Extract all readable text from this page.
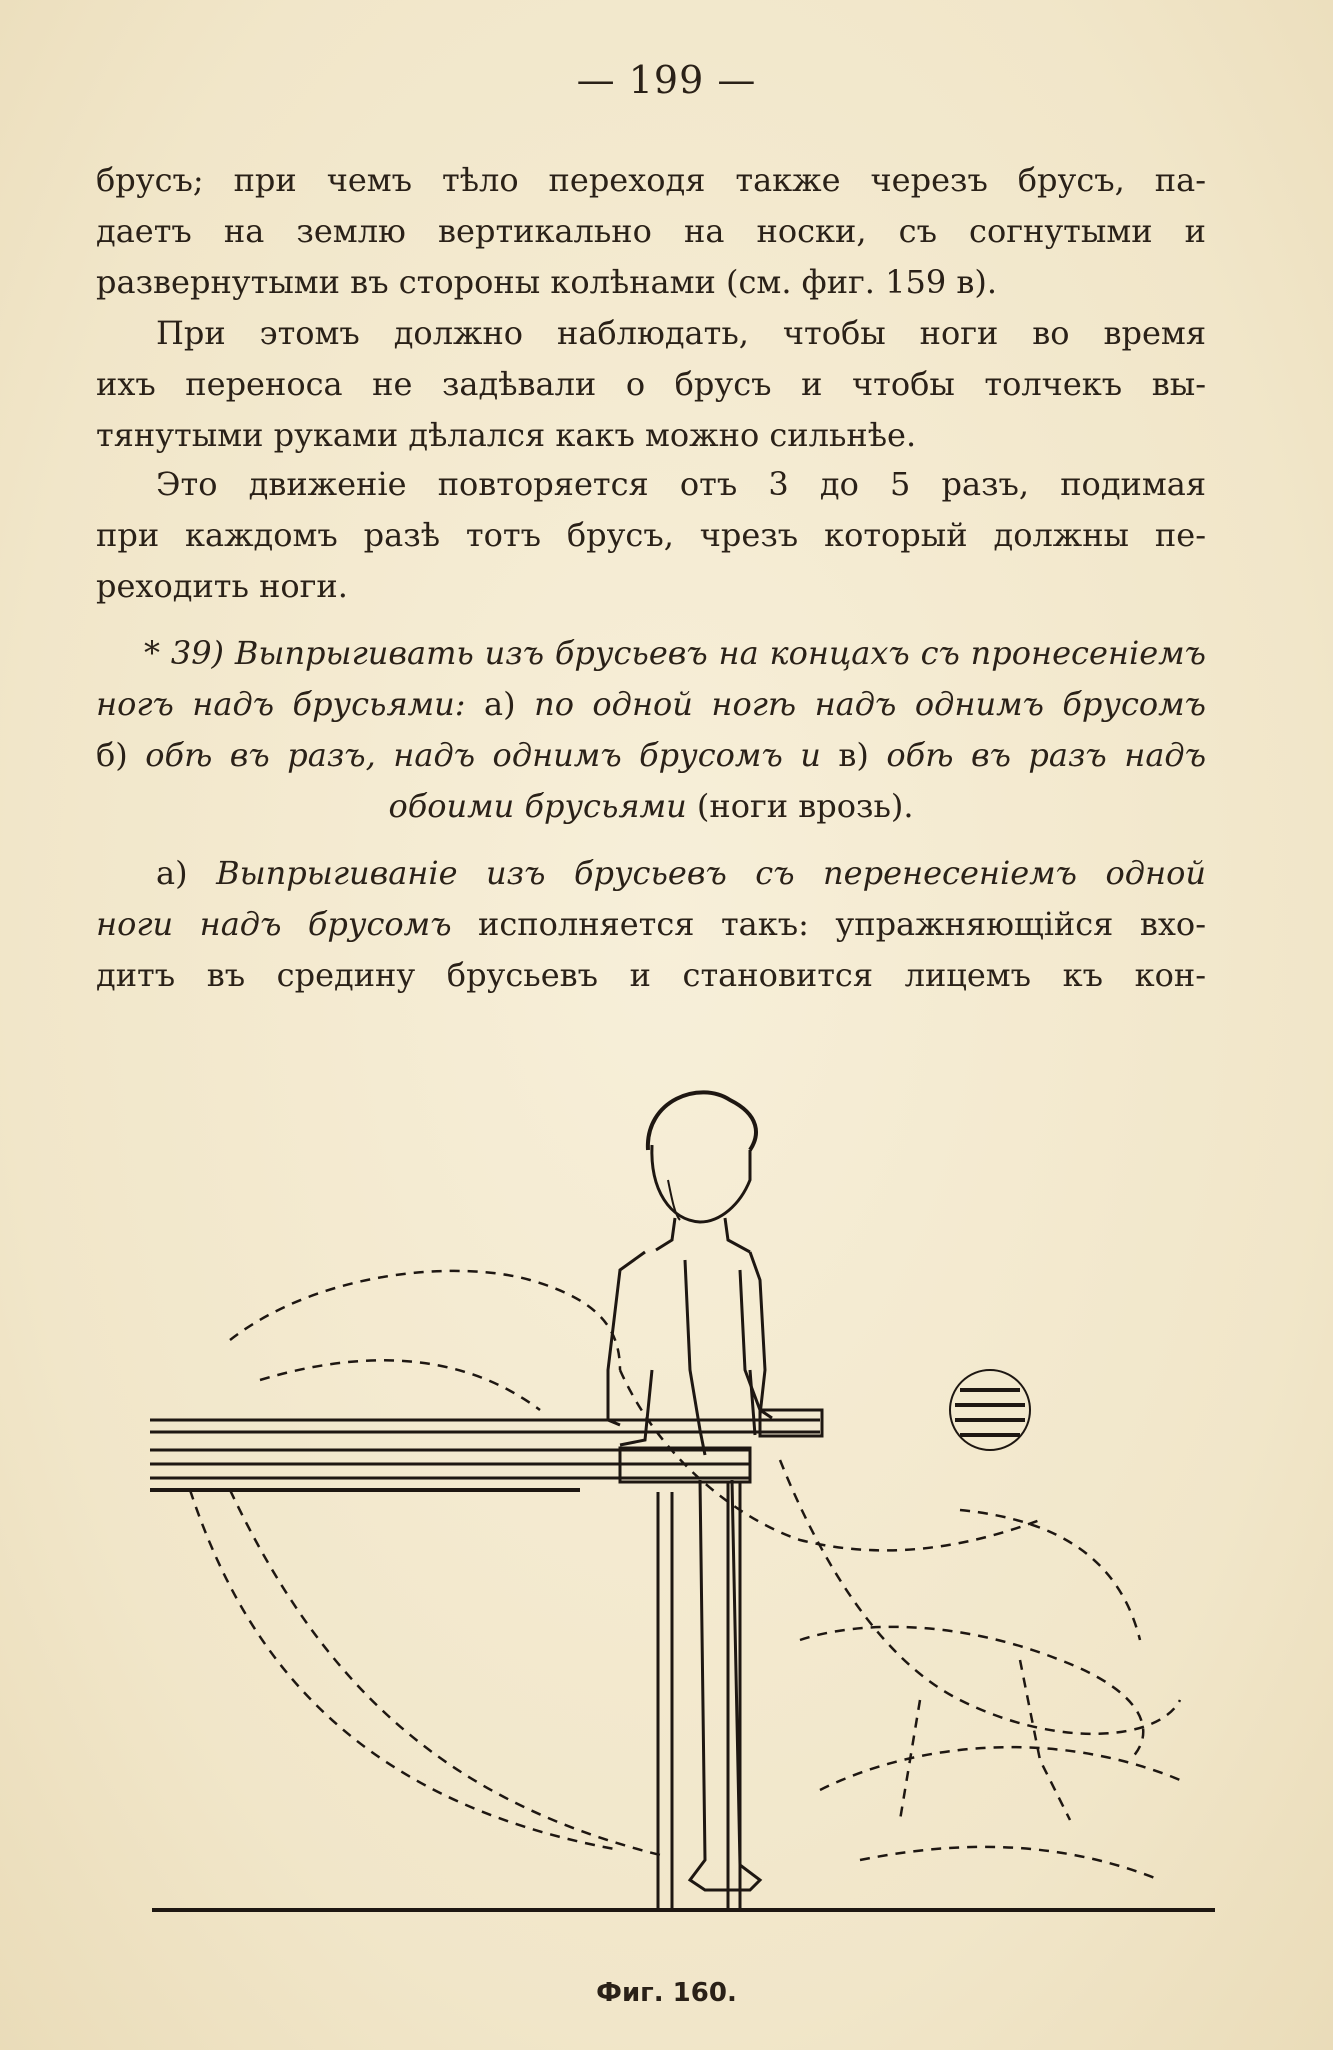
— 199 —
брусъ; при чемъ тѣло переходя также черезъ брусъ, па-
даетъ на землю вертикально на носки, съ согнутыми и
развернутыми въ стороны колѣнами (см. фиг. 159 в).
При этомъ должно наблюдать, чтобы ноги во время
ихъ переноса не задѣвали о брусъ и чтобы толчекъ вы-
тянутыми руками дѣлался какъ можно сильнѣе.
Это движеніе повторяется отъ 3 до 5 разъ, подимая
при каждомъ разѣ тотъ брусъ, чрезъ который должны пе-
реходить ноги.
* 39) Выпрыгивать изъ брусьевъ на концахъ съ пронесеніемъ
ногъ надъ брусьями: а) по одной ногѣ надъ однимъ брусомъ
б) обѣ въ разъ, надъ однимъ брусомъ и в) обѣ въ разъ надъ
обоими брусьями (ноги врозь).
а) Выпрыгиваніе изъ брусьевъ съ перенесеніемъ одной
ноги надъ брусомъ исполняется такъ: упражняющійся вхо-
дитъ въ средину брусьевъ и становится лицемъ къ кон-
Фиг. 160.
